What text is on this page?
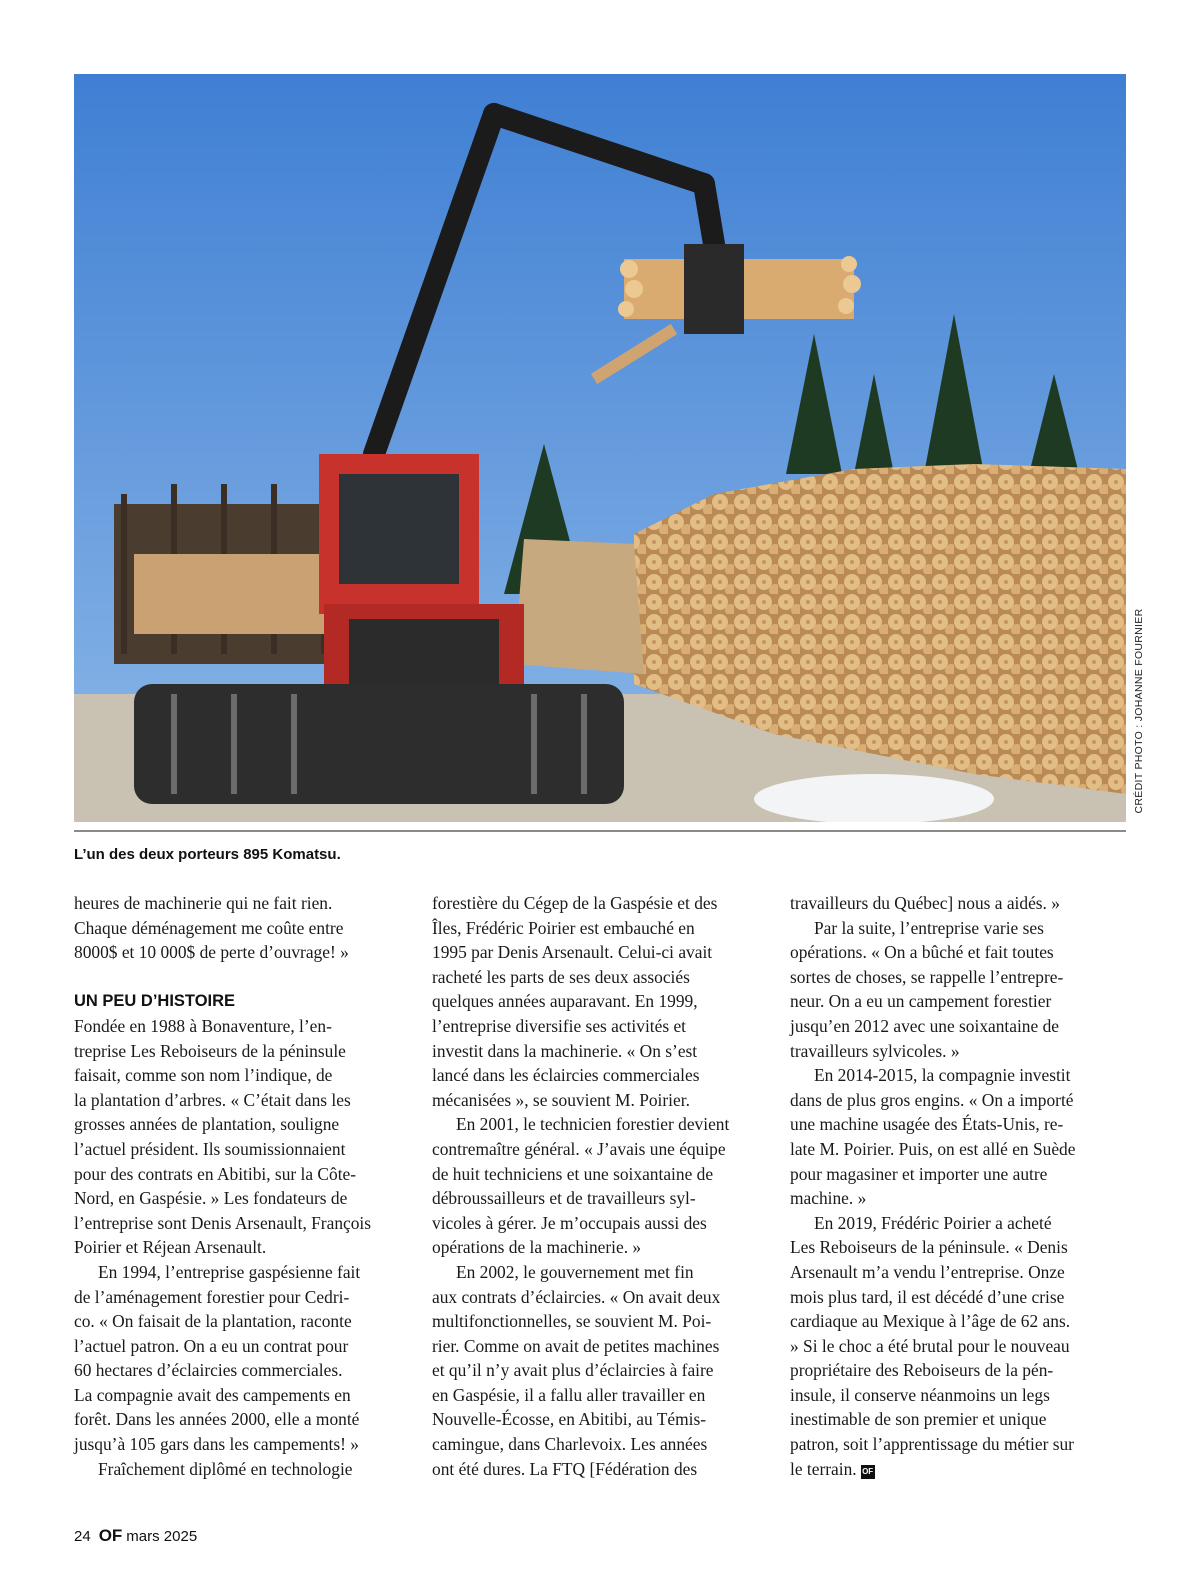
CRÉDIT PHOTO : JOHANNE FOURNIER
L’un des deux porteurs 895 Komatsu.

heures de machinerie qui ne fait rien.
Chaque déménagement me coûte entre
8000$ et 10 000$ de perte d’ouvrage! »

UN PEU D’HISTOIRE

Fondée en 1988 à Bonaventure, l’en-
treprise Les Reboiseurs de la péninsule
faisait, comme son nom l’indique, de
la plantation d’arbres. « C’était dans les
grosses années de plantation, souligne
l’actuel président. Ils soumissionnaient
pour des contrats en Abitibi, sur la Côte-
Nord, en Gaspésie. » Les fondateurs de
l’entreprise sont Denis Arsenault, François
Poirier et Réjean Arsenault.

En 1994, l’entreprise gaspésienne fait
de l’aménagement forestier pour Cedri-
co. « On faisait de la plantation, raconte
l’actuel patron. On a eu un contrat pour
60 hectares d’éclaircies commerciales.
La compagnie avait des campements en
forêt. Dans les années 2000, elle a monté
jusqu’à 105 gars dans les campements! »

Fraîchement diplômé en technologie

forestière du Cégep de la Gaspésie et des
Îles, Frédéric Poirier est embauché en
1995 par Denis Arsenault. Celui-ci avait
racheté les parts de ses deux associés
quelques années auparavant. En 1999,
l’entreprise diversifie ses activités et
investit dans la machinerie. « On s’est
lancé dans les éclaircies commerciales
mécanisées », se souvient M. Poirier.

En 2001, le technicien forestier devient
contremaître général. « J’avais une équipe
de huit techniciens et une soixantaine de
débroussailleurs et de travailleurs syl-
vicoles à gérer. Je m’occupais aussi des
opérations de la machinerie. »

En 2002, le gouvernement met fin
aux contrats d’éclaircies. « On avait deux
multifonctionnelles, se souvient M. Poi-
rier. Comme on avait de petites machines
et qu’il n’y avait plus d’éclaircies à faire
en Gaspésie, il a fallu aller travailler en
Nouvelle-Écosse, en Abitibi, au Témis-
camingue, dans Charlevoix. Les années
ont été dures. La FTQ [Fédération des

travailleurs du Québec] nous a aidés. »

Par la suite, l’entreprise varie ses
opérations. « On a bûché et fait toutes
sortes de choses, se rappelle l’entrepre-
neur. On a eu un campement forestier
jusqu’en 2012 avec une soixantaine de
travailleurs sylvicoles. »

En 2014-2015, la compagnie investit
dans de plus gros engins. « On a importé
une machine usagée des États-Unis, re-
late M. Poirier. Puis, on est allé en Suède
pour magasiner et importer une autre
machine. »

En 2019, Frédéric Poirier a acheté
Les Reboiseurs de la péninsule. « Denis
Arsenault m’a vendu l’entreprise. Onze
mois plus tard, il est décédé d’une crise
cardiaque au Mexique à l’âge de 62 ans.
» Si le choc a été brutal pour le nouveau
propriétaire des Reboiseurs de la pén-
insule, il conserve néanmoins un legs
inestimable de son premier et unique
patron, soit l’apprentissage du métier sur
le terrain. OF

24 OF mars 2025
